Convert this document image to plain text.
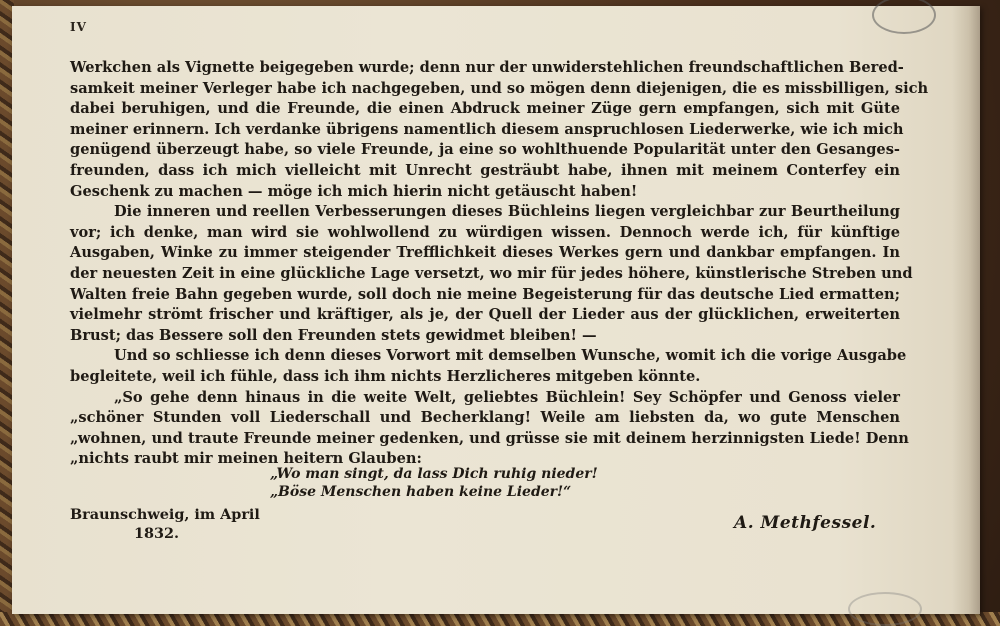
IV
Werkchen als Vignette beigegeben wurde; denn nur der unwiderstehlichen freundschaftlichen Bered-
samkeit meiner Verleger habe ich nachgegeben, und so mögen denn diejenigen, die es missbilligen, sich
dabei beruhigen, und die Freunde, die einen Abdruck meiner Züge gern empfangen, sich mit Güte
meiner erinnern. Ich verdanke übrigens namentlich diesem anspruchlosen Liederwerke, wie ich mich
genügend überzeugt habe, so viele Freunde, ja eine so wohlthuende Popularität unter den Gesanges-
freunden, dass ich mich vielleicht mit Unrecht gesträubt habe, ihnen mit meinem Conterfey ein
Geschenk zu machen — möge ich mich hierin nicht getäuscht haben!
Die inneren und reellen Verbesserungen dieses Büchleins liegen vergleichbar zur Beurtheilung
vor; ich denke, man wird sie wohlwollend zu würdigen wissen. Dennoch werde ich, für künftige
Ausgaben, Winke zu immer steigender Trefflichkeit dieses Werkes gern und dankbar empfangen. In
der neuesten Zeit in eine glückliche Lage versetzt, wo mir für jedes höhere, künstlerische Streben und
Walten freie Bahn gegeben wurde, soll doch nie meine Begeisterung für das deutsche Lied ermatten;
vielmehr strömt frischer und kräftiger, als je, der Quell der Lieder aus der glücklichen, erweiterten
Brust; das Bessere soll den Freunden stets gewidmet bleiben! —
Und so schliesse ich denn dieses Vorwort mit demselben Wunsche, womit ich die vorige Ausgabe
begleitete, weil ich fühle, dass ich ihm nichts Herzlicheres mitgeben könnte.
„So gehe denn hinaus in die weite Welt, geliebtes Büchlein! Sey Schöpfer und Genoss vieler
„schöner Stunden voll Liederschall und Becherklang! Weile am liebsten da, wo gute Menschen
„wohnen, und traute Freunde meiner gedenken, und grüsse sie mit deinem herzinnigsten Liede! Denn
„nichts raubt mir meinen heitern Glauben:
„Wo man singt, da lass Dich ruhig nieder!
„Böse Menschen haben keine Lieder!“
Braunschweig, im April
1832.
A. Methfessel.
